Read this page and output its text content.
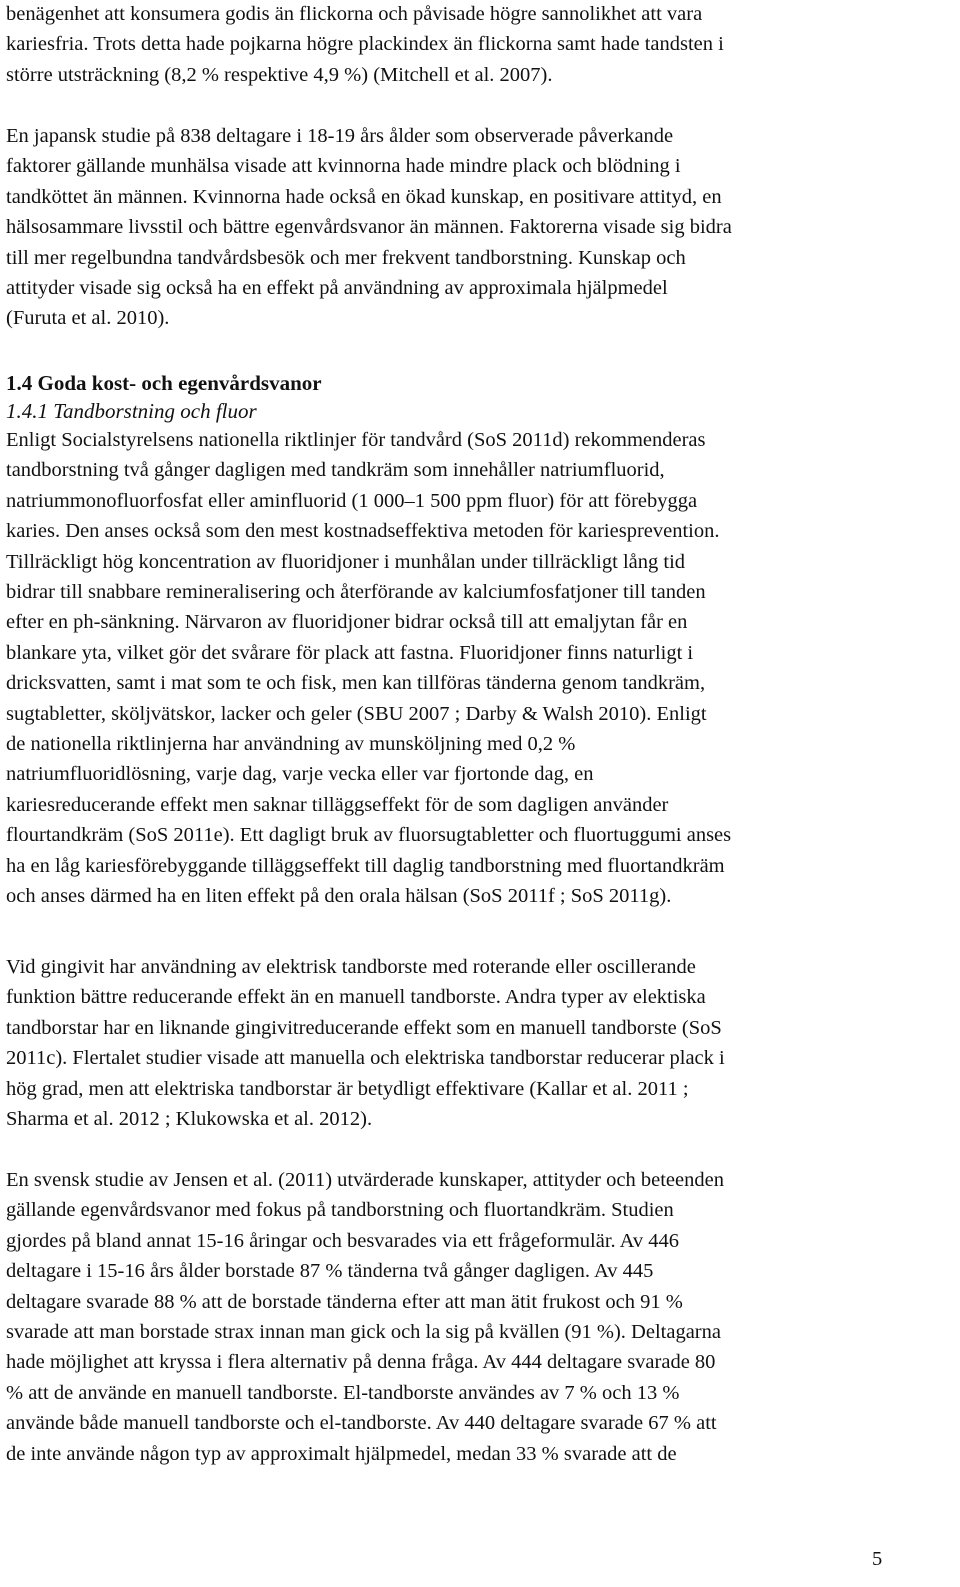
benägenhet att konsumera godis än flickorna och påvisade högre sannolikhet att vara
kariesfria. Trots detta hade pojkarna högre plackindex än flickorna samt hade tandsten i
större utsträckning (8,2 % respektive 4,9 %) (Mitchell et al. 2007).

En japansk studie på 838 deltagare i 18-19 års ålder som observerade påverkande
faktorer gällande munhälsa visade att kvinnorna hade mindre plack och blödning i
tandköttet än männen. Kvinnorna hade också en ökad kunskap, en positivare attityd, en
hälsosammare livsstil och bättre egenvårdsvanor än männen. Faktorerna visade sig bidra
till mer regelbundna tandvårdsbesök och mer frekvent tandborstning. Kunskap och
attityder visade sig också ha en effekt på användning av approximala hjälpmedel
(Furuta et al. 2010).

1.4 Goda kost- och egenvårdsvanor
1.4.1 Tandborstning och fluor

Enligt Socialstyrelsens nationella riktlinjer för tandvård (SoS 2011d) rekommenderas
tandborstning två gånger dagligen med tandkräm som innehåller natriumfluorid,
natriummonofluorfosfat eller aminfluorid (1 000–1 500 ppm fluor) för att förebygga
karies. Den anses också som den mest kostnadseffektiva metoden för kariesprevention.
Tillräckligt hög koncentration av fluoridjoner i munhålan under tillräckligt lång tid
bidrar till snabbare remineralisering och återförande av kalciumfosfatjoner till tanden
efter en ph-sänkning. Närvaron av fluoridjoner bidrar också till att emaljytan får en
blankare yta, vilket gör det svårare för plack att fastna. Fluoridjoner finns naturligt i
dricksvatten, samt i mat som te och fisk, men kan tillföras tänderna genom tandkräm,
sugtabletter, sköljvätskor, lacker och geler (SBU 2007 ; Darby & Walsh 2010). Enligt
de nationella riktlinjerna har användning av munsköljning med 0,2 %
natriumfluoridlösning, varje dag, varje vecka eller var fjortonde dag, en
kariesreducerande effekt men saknar tilläggseffekt för de som dagligen använder
flourtandkräm (SoS 2011e). Ett dagligt bruk av fluorsugtabletter och fluortuggumi anses
ha en låg kariesförebyggande tilläggseffekt till daglig tandborstning med fluortandkräm
och anses därmed ha en liten effekt på den orala hälsan (SoS 2011f ; SoS 2011g).

Vid gingivit har användning av elektrisk tandborste med roterande eller oscillerande
funktion bättre reducerande effekt än en manuell tandborste. Andra typer av elektiska
tandborstar har en liknande gingivitreducerande effekt som en manuell tandborste (SoS
2011c). Flertalet studier visade att manuella och elektriska tandborstar reducerar plack i
hög grad, men att elektriska tandborstar är betydligt effektivare (Kallar et al. 2011 ;
Sharma et al. 2012 ; Klukowska et al. 2012).

En svensk studie av Jensen et al. (2011) utvärderade kunskaper, attityder och beteenden
gällande egenvårdsvanor med fokus på tandborstning och fluortandkräm. Studien
gjordes på bland annat 15-16 åringar och besvarades via ett frågeformulär. Av 446
deltagare i 15-16 års ålder borstade 87 % tänderna två gånger dagligen. Av 445
deltagare svarade 88 % att de borstade tänderna efter att man ätit frukost och 91 %
svarade att man borstade strax innan man gick och la sig på kvällen (91 %). Deltagarna
hade möjlighet att kryssa i flera alternativ på denna fråga. Av 444 deltagare svarade 80
% att de använde en manuell tandborste. El-tandborste användes av 7 % och 13 %
använde både manuell tandborste och el-tandborste. Av 440 deltagare svarade 67 % att
de inte använde någon typ av approximalt hjälpmedel, medan 33 % svarade att de

5
